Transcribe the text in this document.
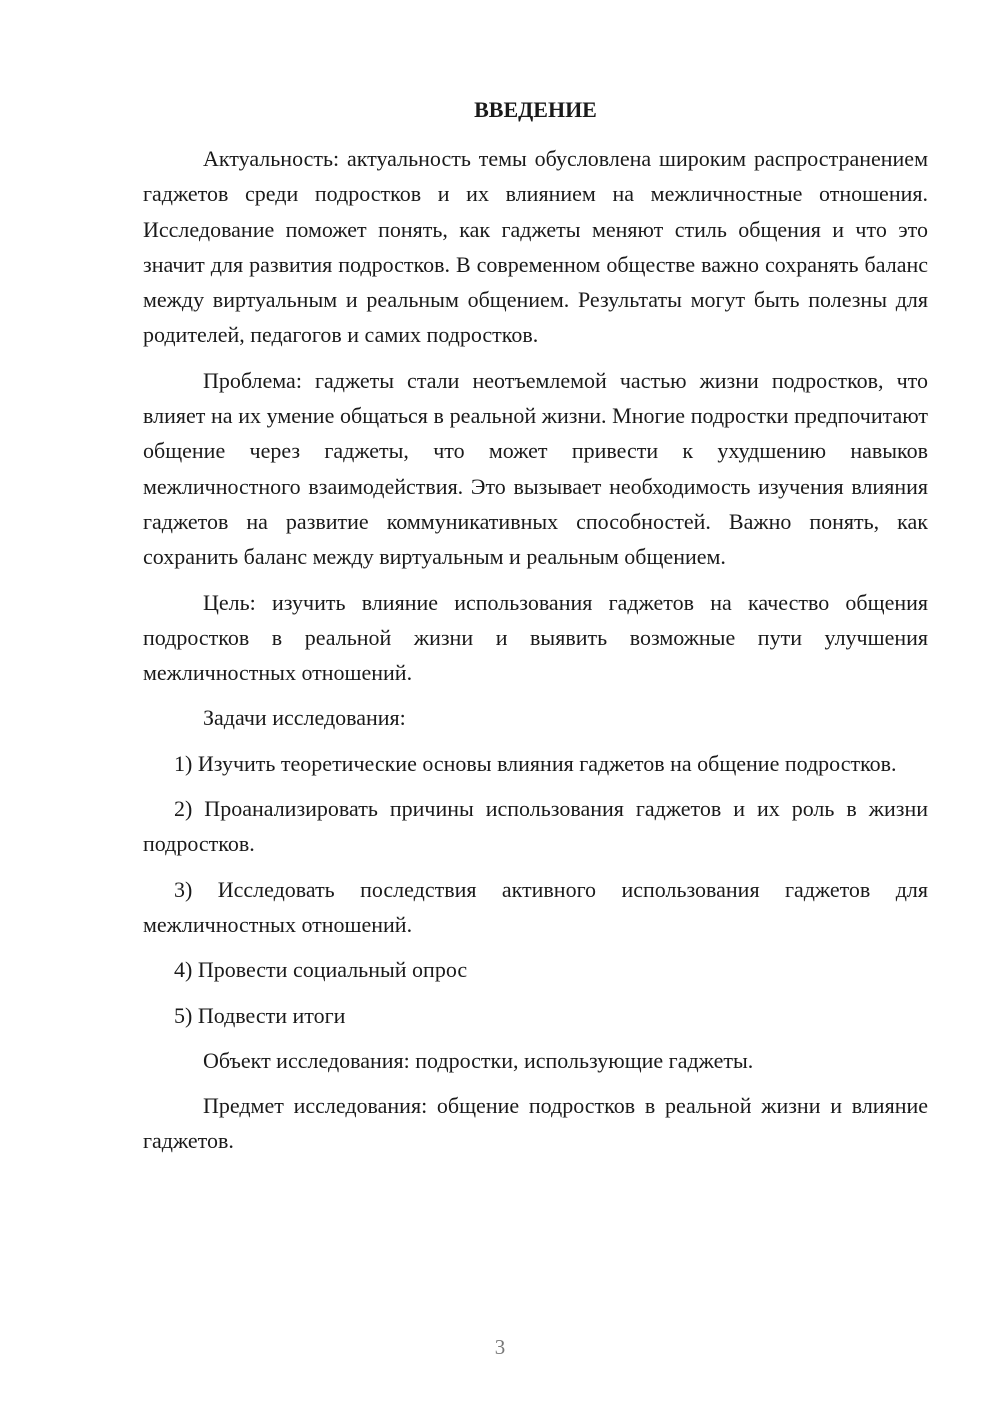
ВВЕДЕНИЕ

Актуальность: актуальность темы обусловлена широким распространением гаджетов среди подростков и их влиянием на межличностные отношения. Исследование поможет понять, как гаджеты меняют стиль общения и что это значит для развития подростков. В современном обществе важно сохранять баланс между виртуальным и реальным общением. Результаты могут быть полезны для родителей, педагогов и самих подростков.

Проблема: гаджеты стали неотъемлемой частью жизни подростков, что влияет на их умение общаться в реальной жизни. Многие подростки предпочитают общение через гаджеты, что может привести к ухудшению навыков межличностного взаимодействия. Это вызывает необходимость изучения влияния гаджетов на развитие коммуникативных способностей. Важно понять, как сохранить баланс между виртуальным и реальным общением.

Цель: изучить влияние использования гаджетов на качество общения подростков в реальной жизни и выявить возможные пути улучшения межличностных отношений.

Задачи исследования:

1) Изучить теоретические основы влияния гаджетов на общение подростков.

2) Проанализировать причины использования гаджетов и их роль в жизни подростков.

3) Исследовать последствия активного использования гаджетов для межличностных отношений.

4) Провести социальный опрос

5) Подвести итоги

Объект исследования: подростки, использующие гаджеты.

Предмет исследования: общение подростков в реальной жизни и влияние гаджетов.

3
